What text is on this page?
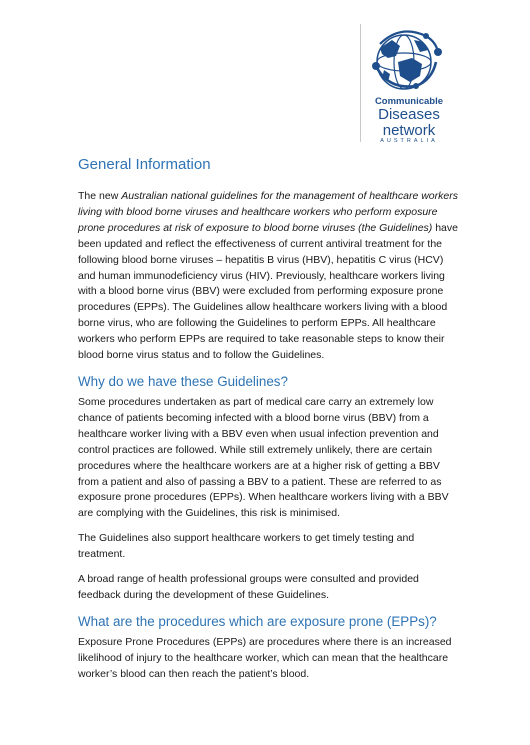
Communicable
Diseases
network
AUSTRALIA
General Information

The new Australian national guidelines for the management of healthcare workers living with blood borne viruses and healthcare workers who perform exposure prone procedures at risk of exposure to blood borne viruses (the Guidelines) have been updated and reflect the effectiveness of current antiviral treatment for the following blood borne viruses – hepatitis B virus (HBV), hepatitis C virus (HCV) and human immunodeficiency virus (HIV). Previously, healthcare workers living with a blood borne virus (BBV) were excluded from performing exposure prone procedures (EPPs). The Guidelines allow healthcare workers living with a blood borne virus, who are following the Guidelines to perform EPPs. All healthcare workers who perform EPPs are required to take reasonable steps to know their blood borne virus status and to follow the Guidelines.

Why do we have these Guidelines?

Some procedures undertaken as part of medical care carry an extremely low chance of patients becoming infected with a blood borne virus (BBV) from a healthcare worker living with a BBV even when usual infection prevention and control practices are followed. While still extremely unlikely, there are certain procedures where the healthcare workers are at a higher risk of getting a BBV from a patient and also of passing a BBV to a patient. These are referred to as exposure prone procedures (EPPs). When healthcare workers living with a BBV are complying with the Guidelines, this risk is minimised.

The Guidelines also support healthcare workers to get timely testing and treatment.

A broad range of health professional groups were consulted and provided feedback during the development of these Guidelines.

What are the procedures which are exposure prone (EPPs)?

Exposure Prone Procedures (EPPs) are procedures where there is an increased likelihood of injury to the healthcare worker, which can mean that the healthcare worker’s blood can then reach the patient’s blood.
